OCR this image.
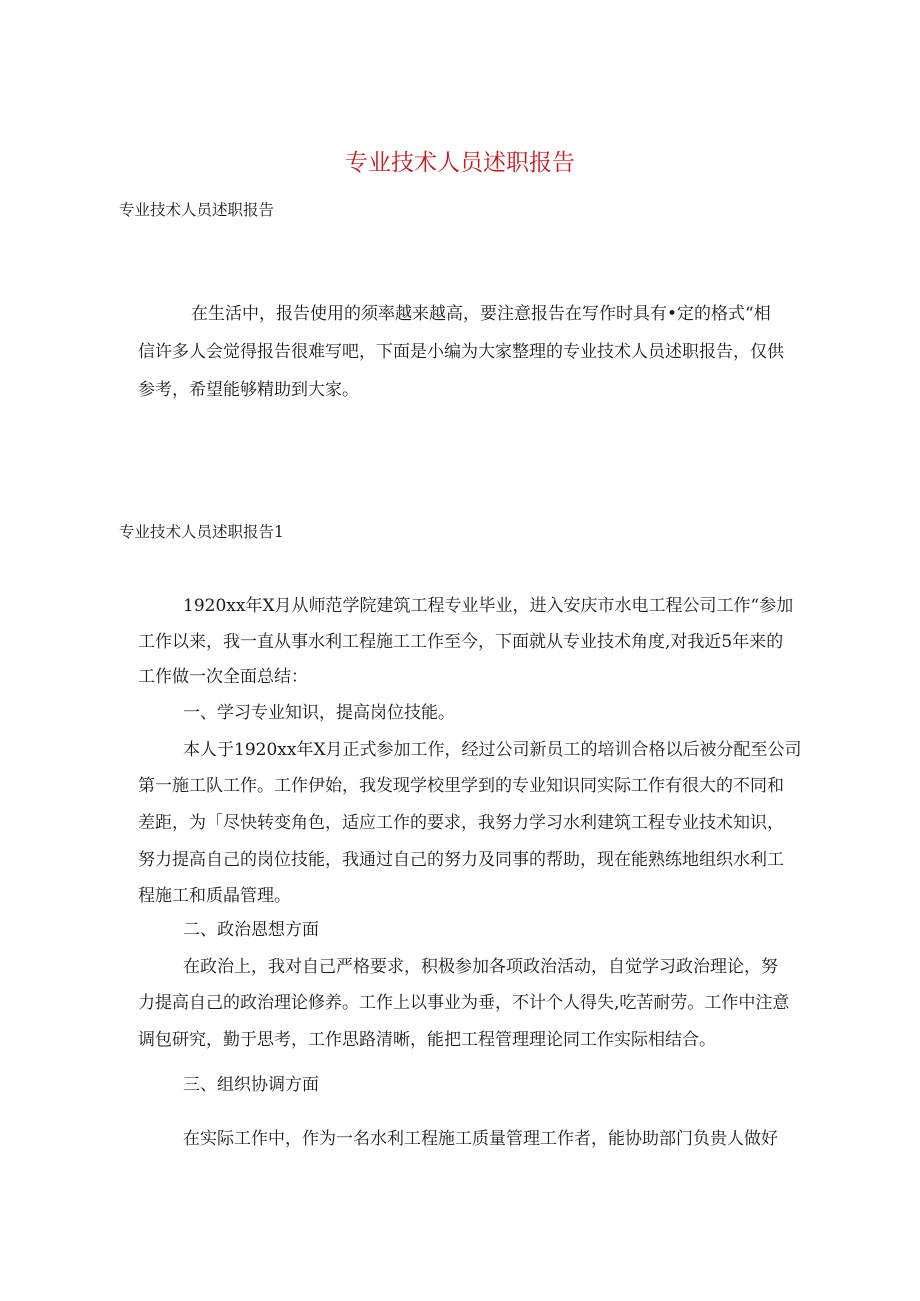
专业技术人员述职报告

专业技术人员述职报告

在生活中，报告使用的须率越来越高，要注意报告在写作时具有•定的格式“相

信许多人会觉得报告很难写吧，下面是小编为大家整理的专业技术人员述职报告，仅供

参考，希望能够精助到大家。

专业技术人员述职报告1

1920xx年X月从师范学院建筑工程专业毕业，进入安庆市水电工程公司工作“参加

工作以来，我一直从事水利工程施工工作至今，下面就从专业技术角度,对我近5年来的

工作做一次全面总结：

一、学习专业知识，提高岗位技能。

本人于1920xx年X月正式参加工作，经过公司新员工的培训合格以后被分配至公司

第一施工队工作。工作伊始，我发现学校里学到的专业知识同实际工作有很大的不同和

差距，为「尽快转变角色，适应工作的要求，我努力学习水利建筑工程专业技术知识，

努力提高自己的岗位技能，我通过自己的努力及同事的帮助，现在能熟练地组织水利工

程施工和质晶管理。

二、政治恩想方面

在政治上，我对自己严格要求，积极参加各项政治活动，自觉学习政治理论，努

力提高自己的政治理论修养。工作上以事业为垂，不计个人得失,吃苦耐劳。工作中注意

调包研究，勤于思考，工作思路清晰，能把工程管理理论同工作实际相结合。

三、组织协调方面

在实际工作中，作为一名水利工程施工质量管理工作者，能协助部门负贵人做好
